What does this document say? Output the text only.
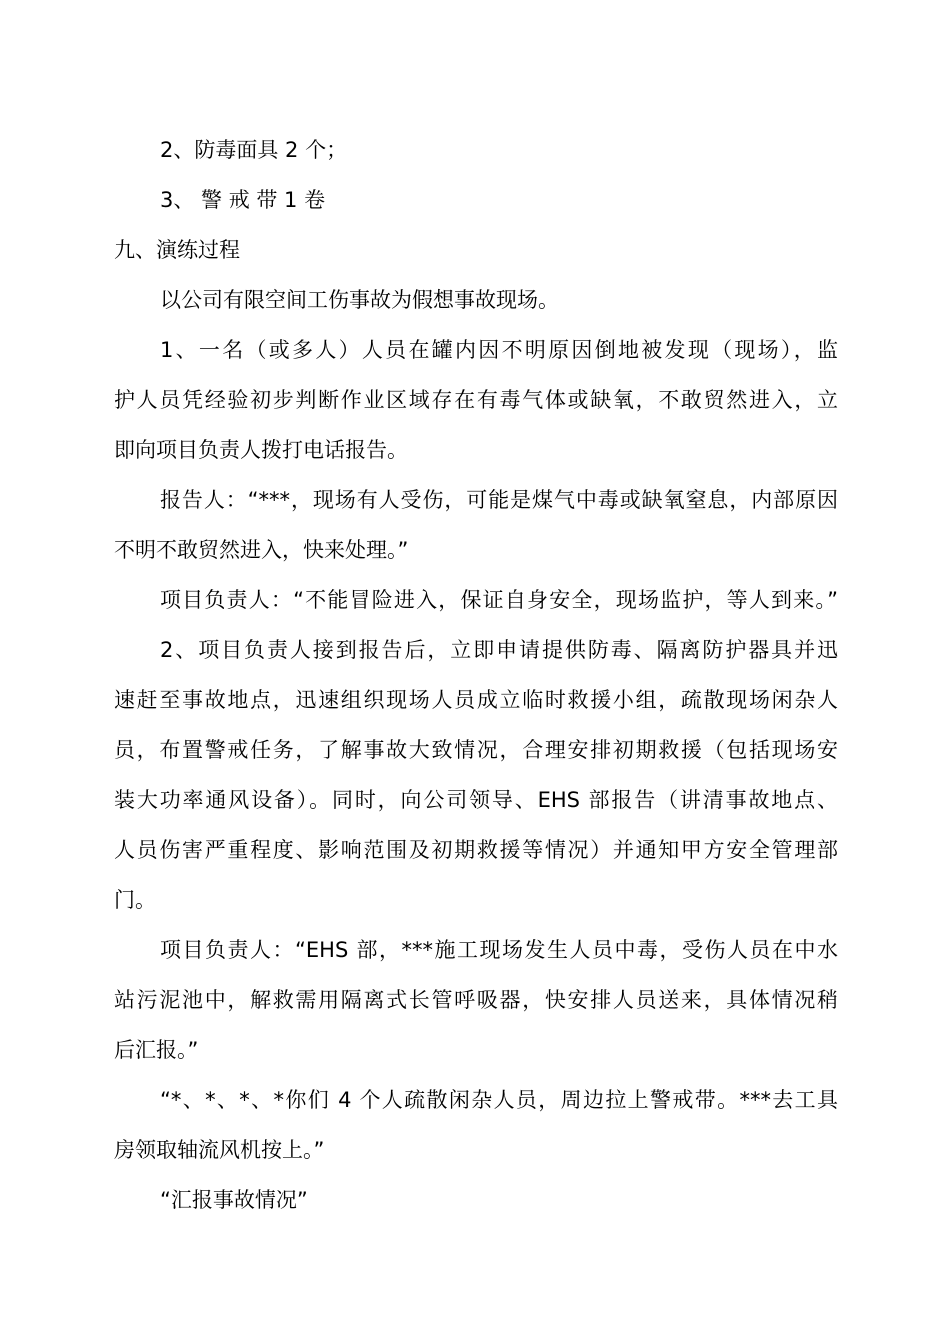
2、防毒面具 2 个；
3、 警 戒 带 1 卷
九、演练过程
以公司有限空间工伤事故为假想事故现场。
1、一名（或多人）人员在罐内因不明原因倒地被发现（现场），监
护人员凭经验初步判断作业区域存在有毒气体或缺氧，不敢贸然进入，立
即向项目负责人拨打电话报告。
报告人：“***，现场有人受伤，可能是煤气中毒或缺氧窒息，内部原因
不明不敢贸然进入，快来处理。”
项目负责人：“不能冒险进入，保证自身安全，现场监护，等人到来。”
2、项目负责人接到报告后，立即申请提供防毒、隔离防护器具并迅
速赶至事故地点，迅速组织现场人员成立临时救援小组，疏散现场闲杂人
员，布置警戒任务，了解事故大致情况，合理安排初期救援（包括现场安
装大功率通风设备）。同时，向公司领导、EHS 部报告（讲清事故地点、
人员伤害严重程度、影响范围及初期救援等情况）并通知甲方安全管理部
门。
项目负责人：“EHS 部，***施工现场发生人员中毒，受伤人员在中水
站污泥池中，解救需用隔离式长管呼吸器，快安排人员送来，具体情况稍
后汇报。”
“*、*、*、*你们 4 个人疏散闲杂人员，周边拉上警戒带。***去工具
房领取轴流风机按上。”
“汇报事故情况”
